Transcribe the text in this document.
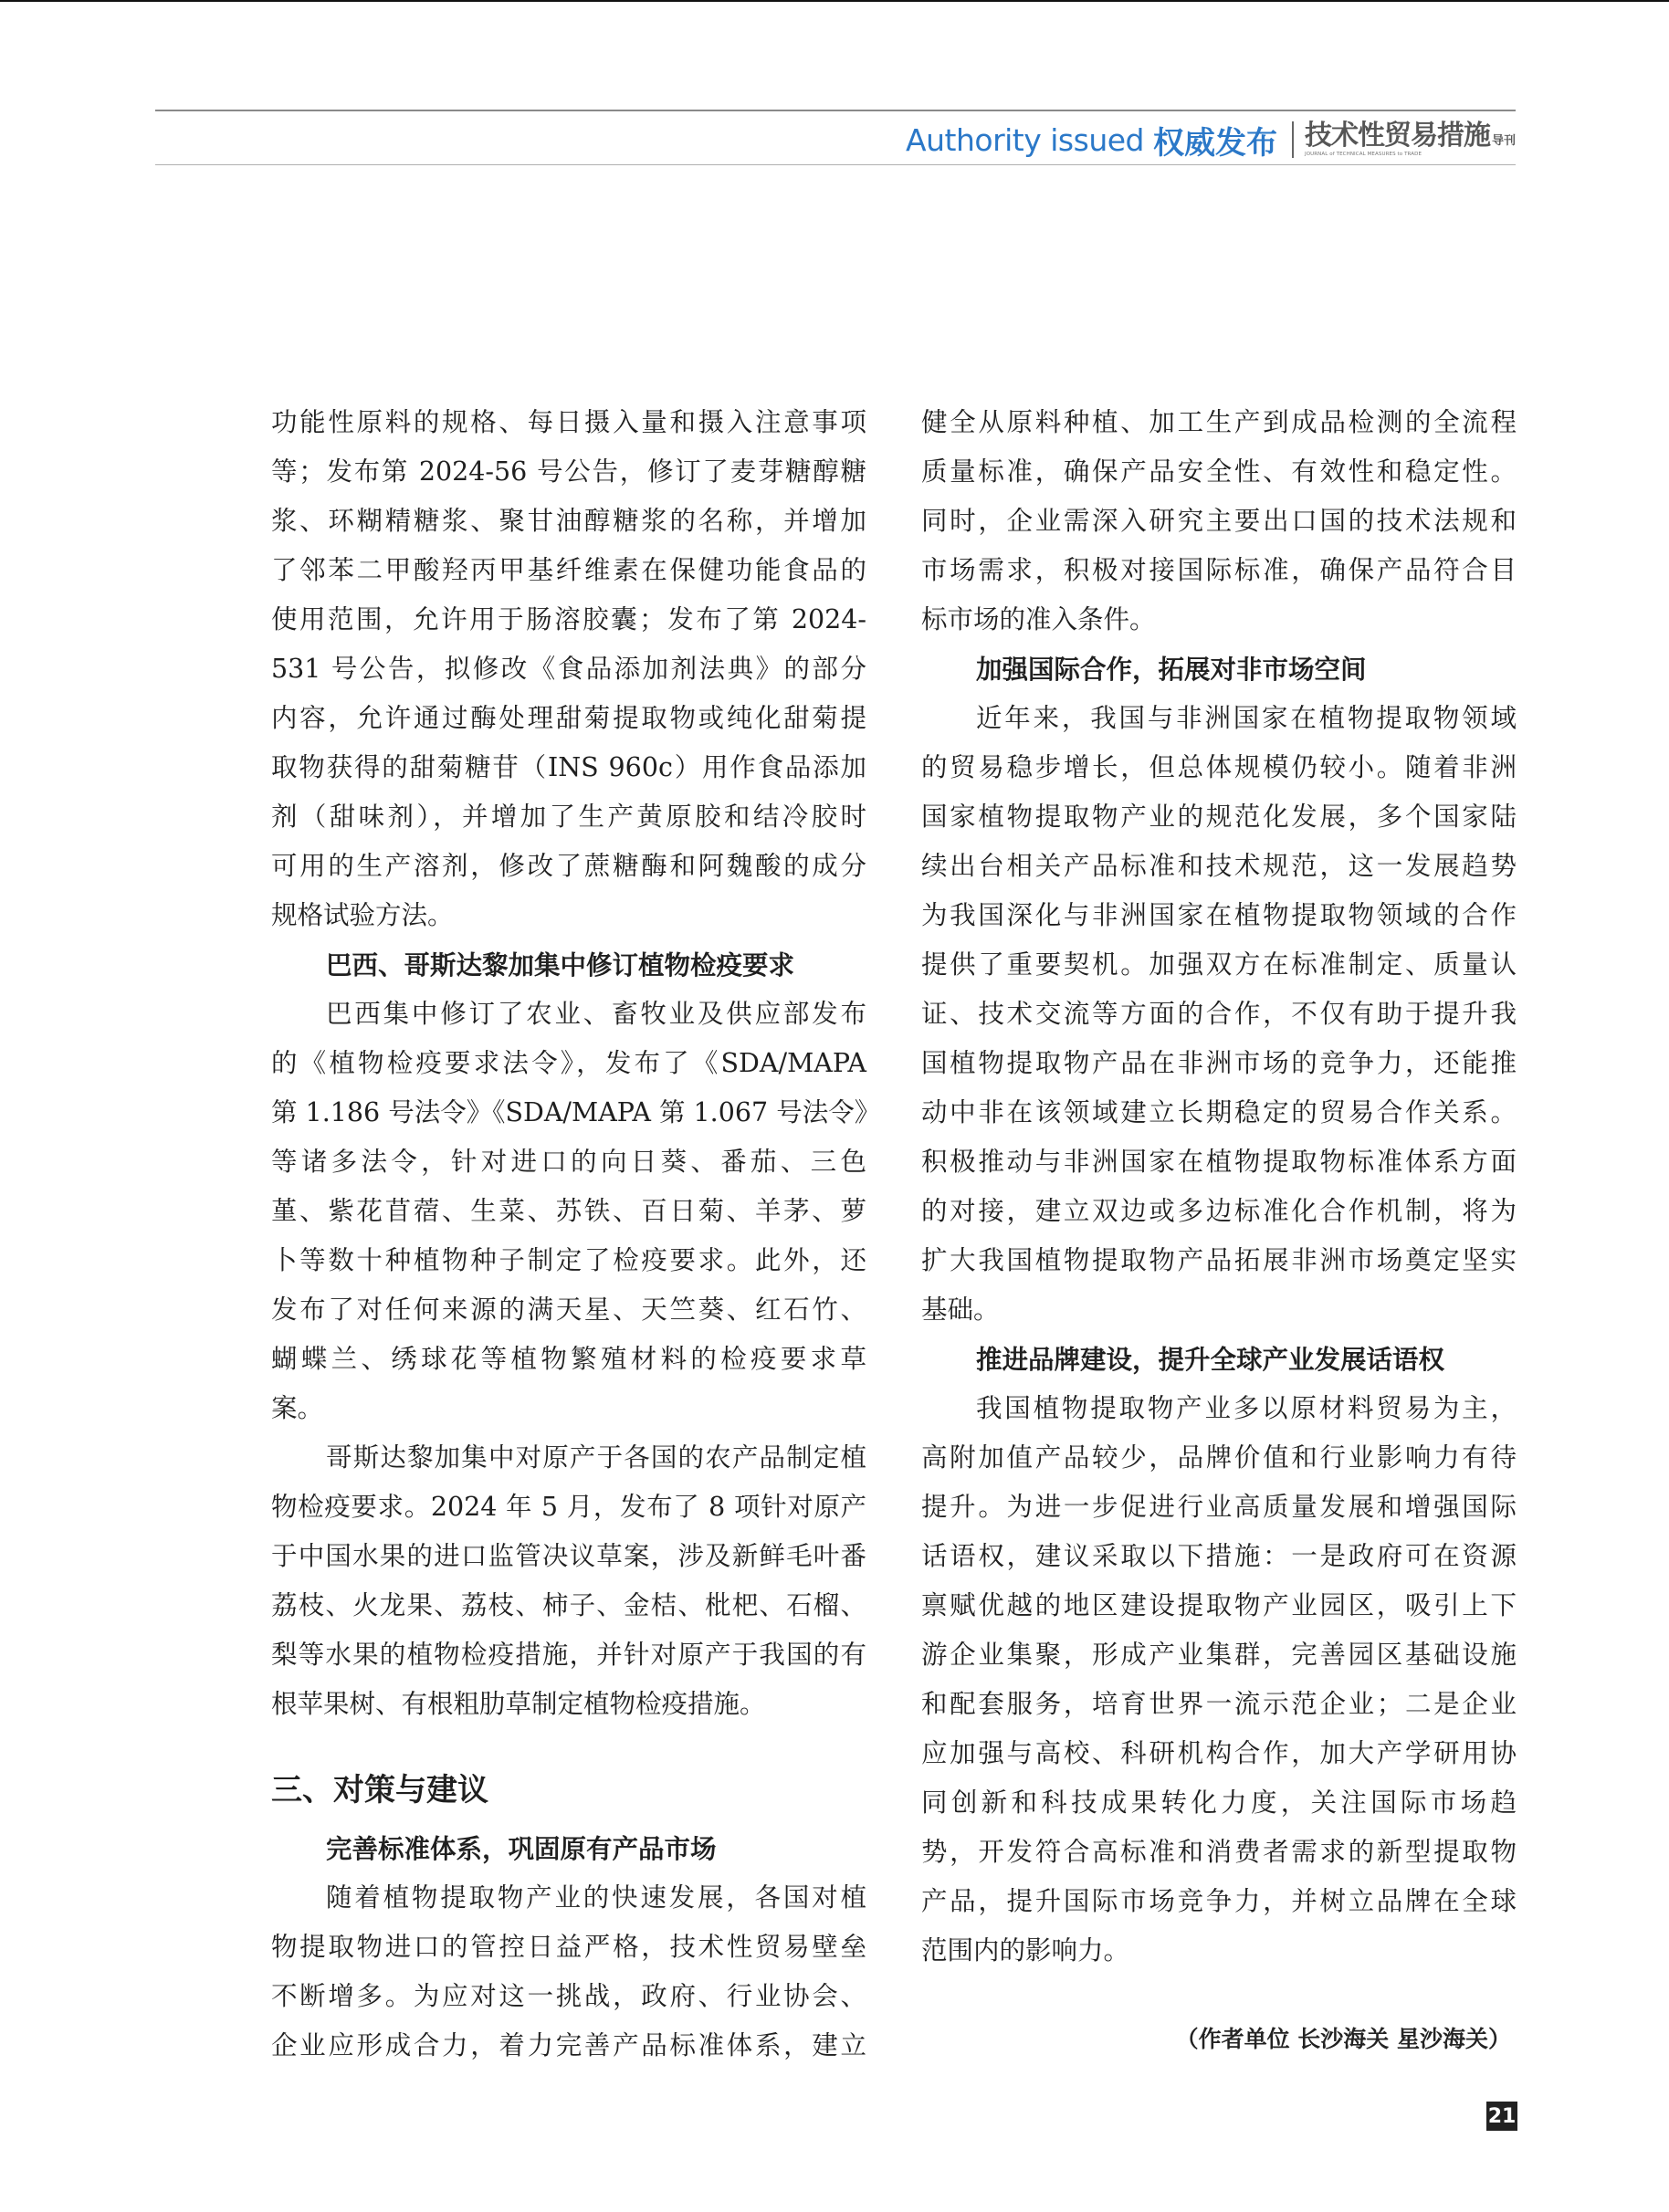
Authority issued 权威发布 技术性贸易措施 导刊
JOURNAL of TECHNICAL MEASURES to TRADE
功能性原料的规格、每日摄入量和摄入注意事项
等；发布第 2024-56 号公告，修订了麦芽糖醇糖
浆、环糊精糖浆、聚甘油醇糖浆的名称，并增加
了邻苯二甲酸羟丙甲基纤维素在保健功能食品的
使用范围，允许用于肠溶胶囊；发布了第 2024-
531 号公告，拟修改《食品添加剂法典》的部分
内容，允许通过酶处理甜菊提取物或纯化甜菊提
取物获得的甜菊糖苷（INS 960c）用作食品添加
剂（甜味剂），并增加了生产黄原胶和结冷胶时
可用的生产溶剂，修改了蔗糖酶和阿魏酸的成分
规格试验方法。
巴西、哥斯达黎加集中修订植物检疫要求
巴西集中修订了农业、畜牧业及供应部发布
的《植物检疫要求法令》，发布了《SDA/MAPA
第 1.186 号法令》《SDA/MAPA 第 1.067 号法令》
等诸多法令，针对进口的向日葵、番茄、三色
堇、紫花苜蓿、生菜、苏铁、百日菊、羊茅、萝
卜等数十种植物种子制定了检疫要求。此外，还
发布了对任何来源的满天星、天竺葵、红石竹、
蝴蝶兰、绣球花等植物繁殖材料的检疫要求草
案。
哥斯达黎加集中对原产于各国的农产品制定植
物检疫要求。2024 年 5 月，发布了 8 项针对原产
于中国水果的进口监管决议草案，涉及新鲜毛叶番
荔枝、火龙果、荔枝、柿子、金桔、枇杷、石榴、
梨等水果的植物检疫措施，并针对原产于我国的有
根苹果树、有根粗肋草制定植物检疫措施。
三、对策与建议
完善标准体系，巩固原有产品市场
随着植物提取物产业的快速发展，各国对植
物提取物进口的管控日益严格，技术性贸易壁垒
不断增多。为应对这一挑战，政府、行业协会、
企业应形成合力，着力完善产品标准体系，建立
健全从原料种植、加工生产到成品检测的全流程
质量标准，确保产品安全性、有效性和稳定性。
同时，企业需深入研究主要出口国的技术法规和
市场需求，积极对接国际标准，确保产品符合目
标市场的准入条件。
加强国际合作，拓展对非市场空间
近年来，我国与非洲国家在植物提取物领域
的贸易稳步增长，但总体规模仍较小。随着非洲
国家植物提取物产业的规范化发展，多个国家陆
续出台相关产品标准和技术规范，这一发展趋势
为我国深化与非洲国家在植物提取物领域的合作
提供了重要契机。加强双方在标准制定、质量认
证、技术交流等方面的合作，不仅有助于提升我
国植物提取物产品在非洲市场的竞争力，还能推
动中非在该领域建立长期稳定的贸易合作关系。
积极推动与非洲国家在植物提取物标准体系方面
的对接，建立双边或多边标准化合作机制，将为
扩大我国植物提取物产品拓展非洲市场奠定坚实
基础。
推进品牌建设，提升全球产业发展话语权
我国植物提取物产业多以原材料贸易为主，
高附加值产品较少，品牌价值和行业影响力有待
提升。为进一步促进行业高质量发展和增强国际
话语权，建议采取以下措施：一是政府可在资源
禀赋优越的地区建设提取物产业园区，吸引上下
游企业集聚，形成产业集群，完善园区基础设施
和配套服务，培育世界一流示范企业；二是企业
应加强与高校、科研机构合作，加大产学研用协
同创新和科技成果转化力度，关注国际市场趋
势，开发符合高标准和消费者需求的新型提取物
产品，提升国际市场竞争力，并树立品牌在全球
范围内的影响力。
（作者单位 长沙海关 星沙海关）
21
